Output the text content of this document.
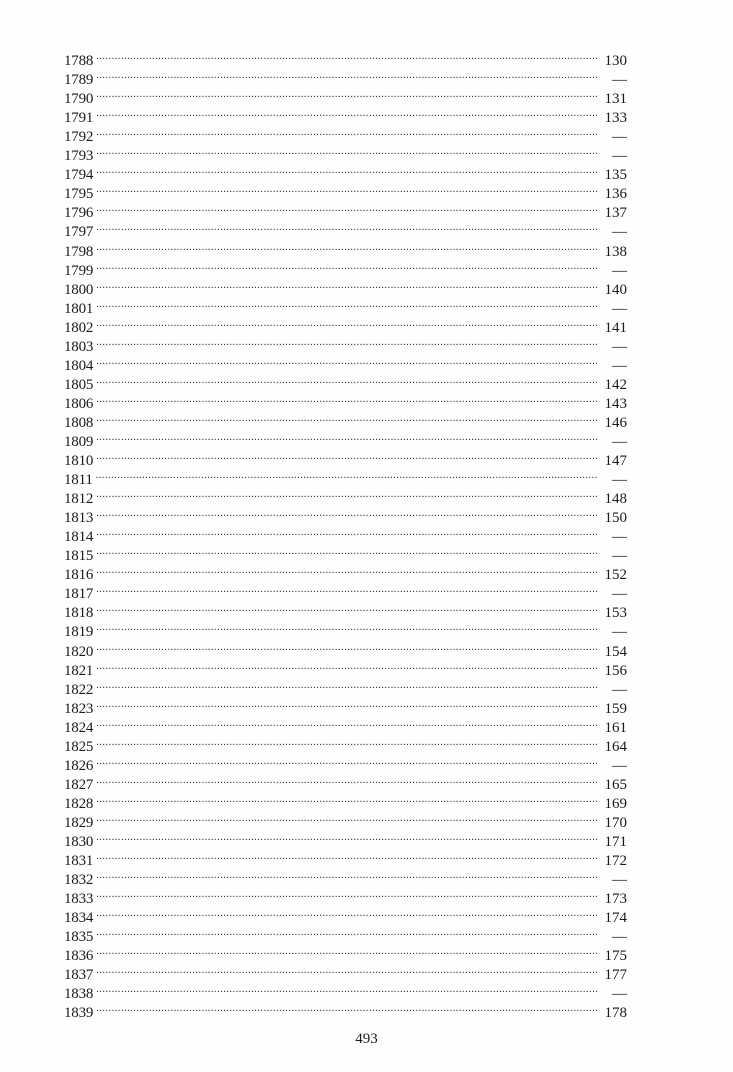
1788 .....	130
1789 .....	—
1790 .....	131
1791 .....	133
1792 .....	—
1793 .....	—
1794 .....	135
1795 .....	136
1796 .....	137
1797 .....	—
1798 .....	138
1799 .....	—
1800 .....	140
1801 .....	—
1802 .....	141
1803 .....	—
1804 .....	—
1805 .....	142
1806 .....	143
1808 .....	146
1809 .....	—
1810 .....	147
1811 .....	—
1812 .....	148
1813 .....	150
1814 .....	—
1815 .....	—
1816 .....	152
1817 .....	—
1818 .....	153
1819 .....	—
1820 .....	154
1821 .....	156
1822 .....	—
1823 .....	159
1824 .....	161
1825 .....	164
1826 .....	—
1827 .....	165
1828 .....	169
1829 .....	170
1830 .....	171
1831 .....	172
1832 .....	—
1833 .....	173
1834 .....	174
1835 .....	—
1836 .....	175
1837 .....	177
1838 .....	—
1839 .....	178
493
